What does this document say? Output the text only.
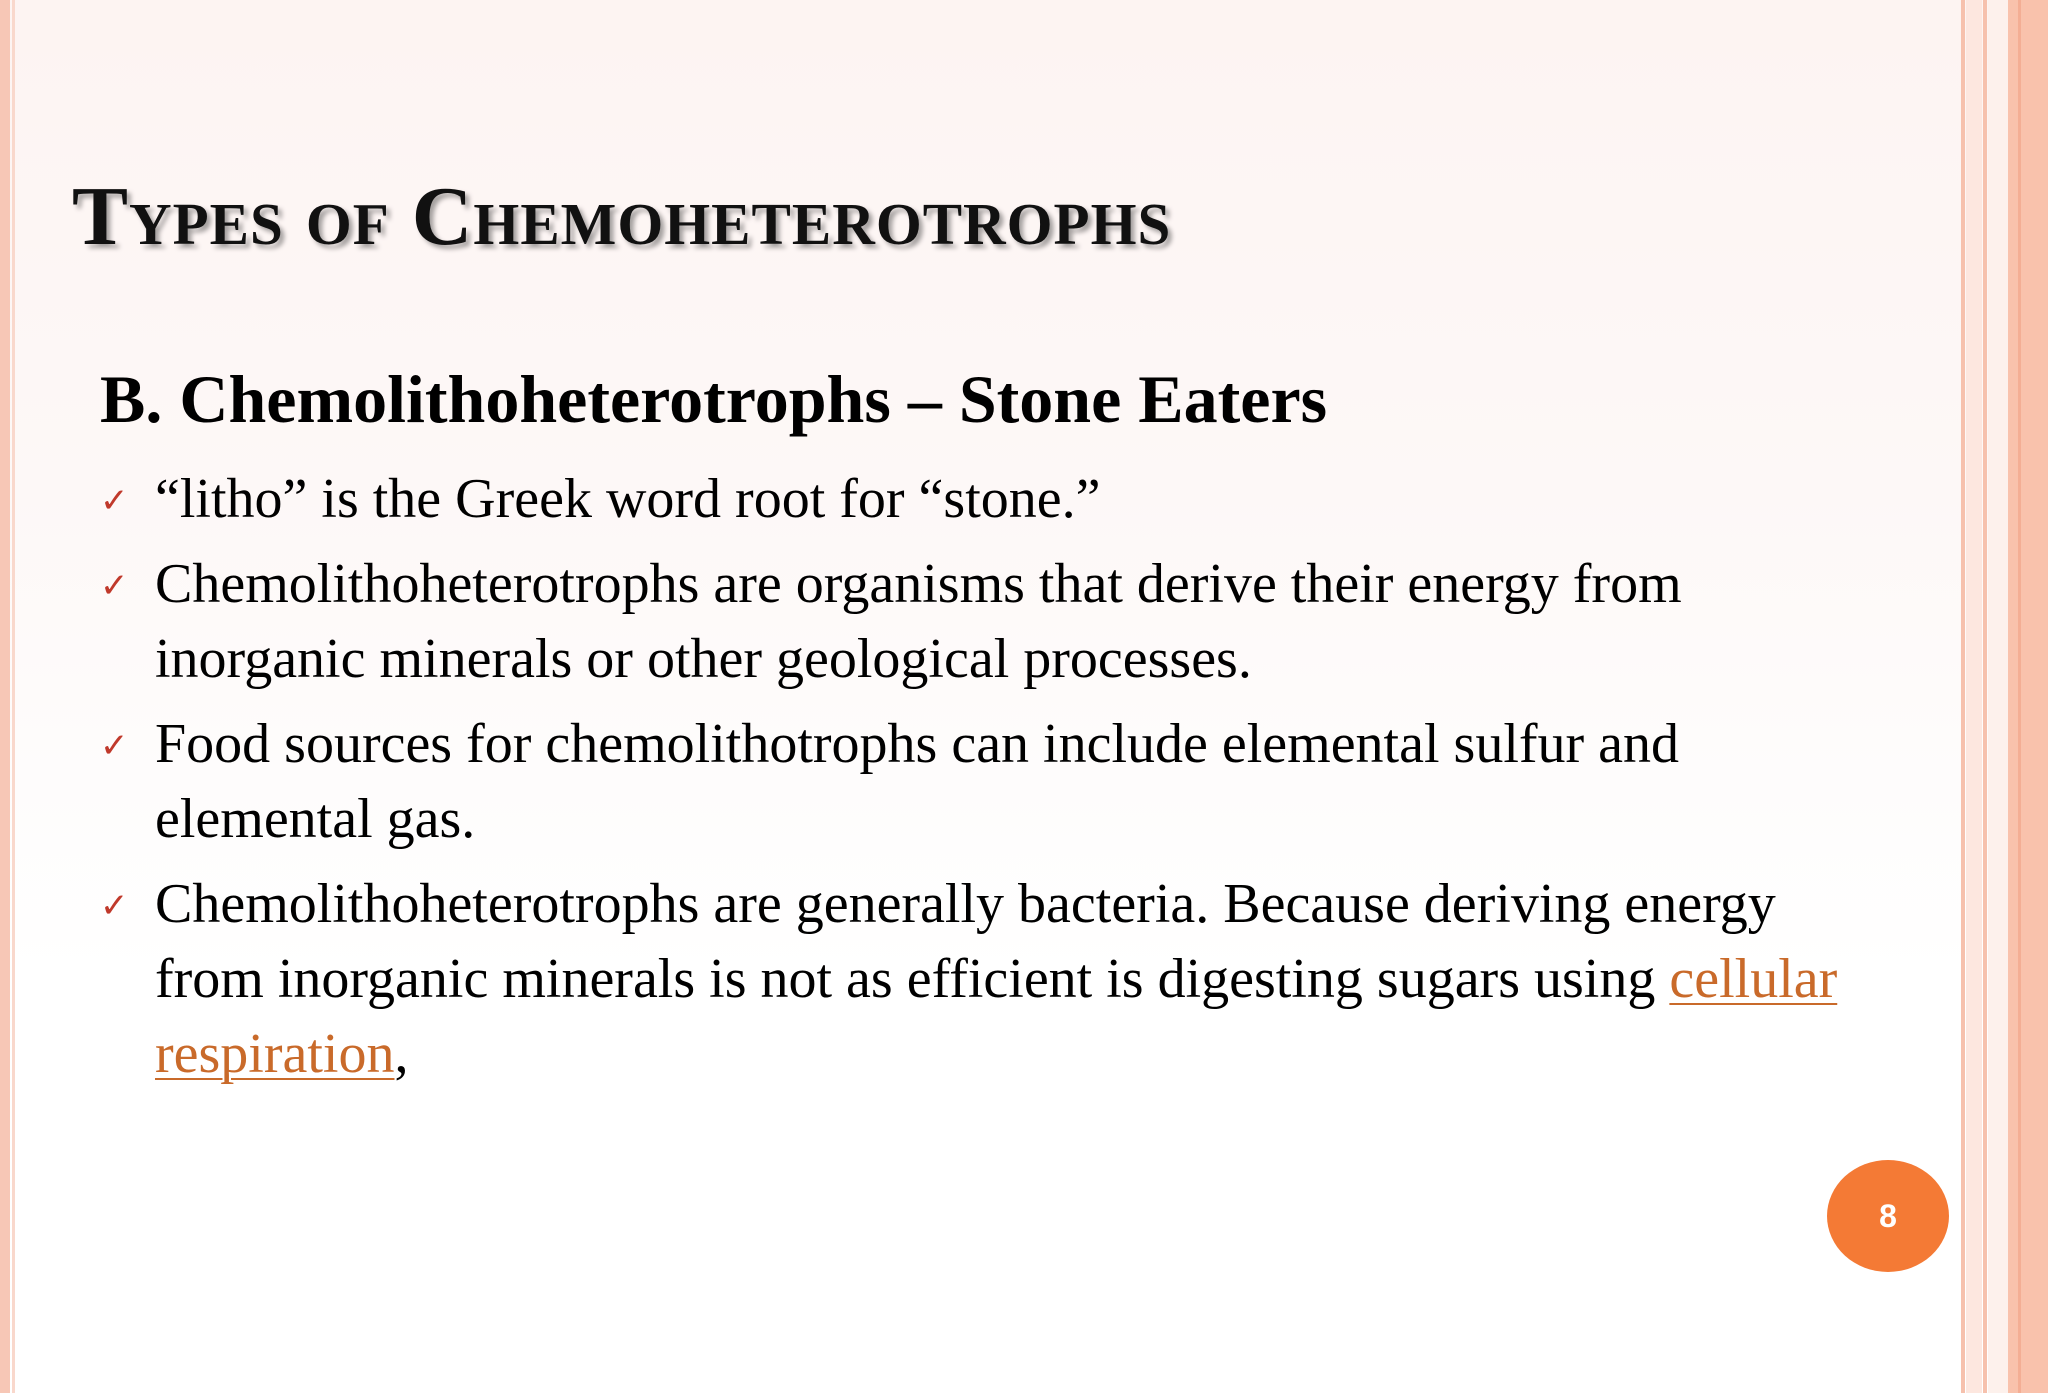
Types of Chemoheterotrophs
B. Chemolithoheterotrophs – Stone Eaters
✓ “litho” is the Greek word root for “stone.”
✓ Chemolithoheterotrophs are organisms that derive their energy from inorganic minerals or other geological processes.
✓ Food sources for chemolithotrophs can include elemental sulfur and elemental gas.
✓ Chemolithoheterotrophs are generally bacteria. Because deriving energy from inorganic minerals is not as efficient is digesting sugars using cellular respiration,
8
